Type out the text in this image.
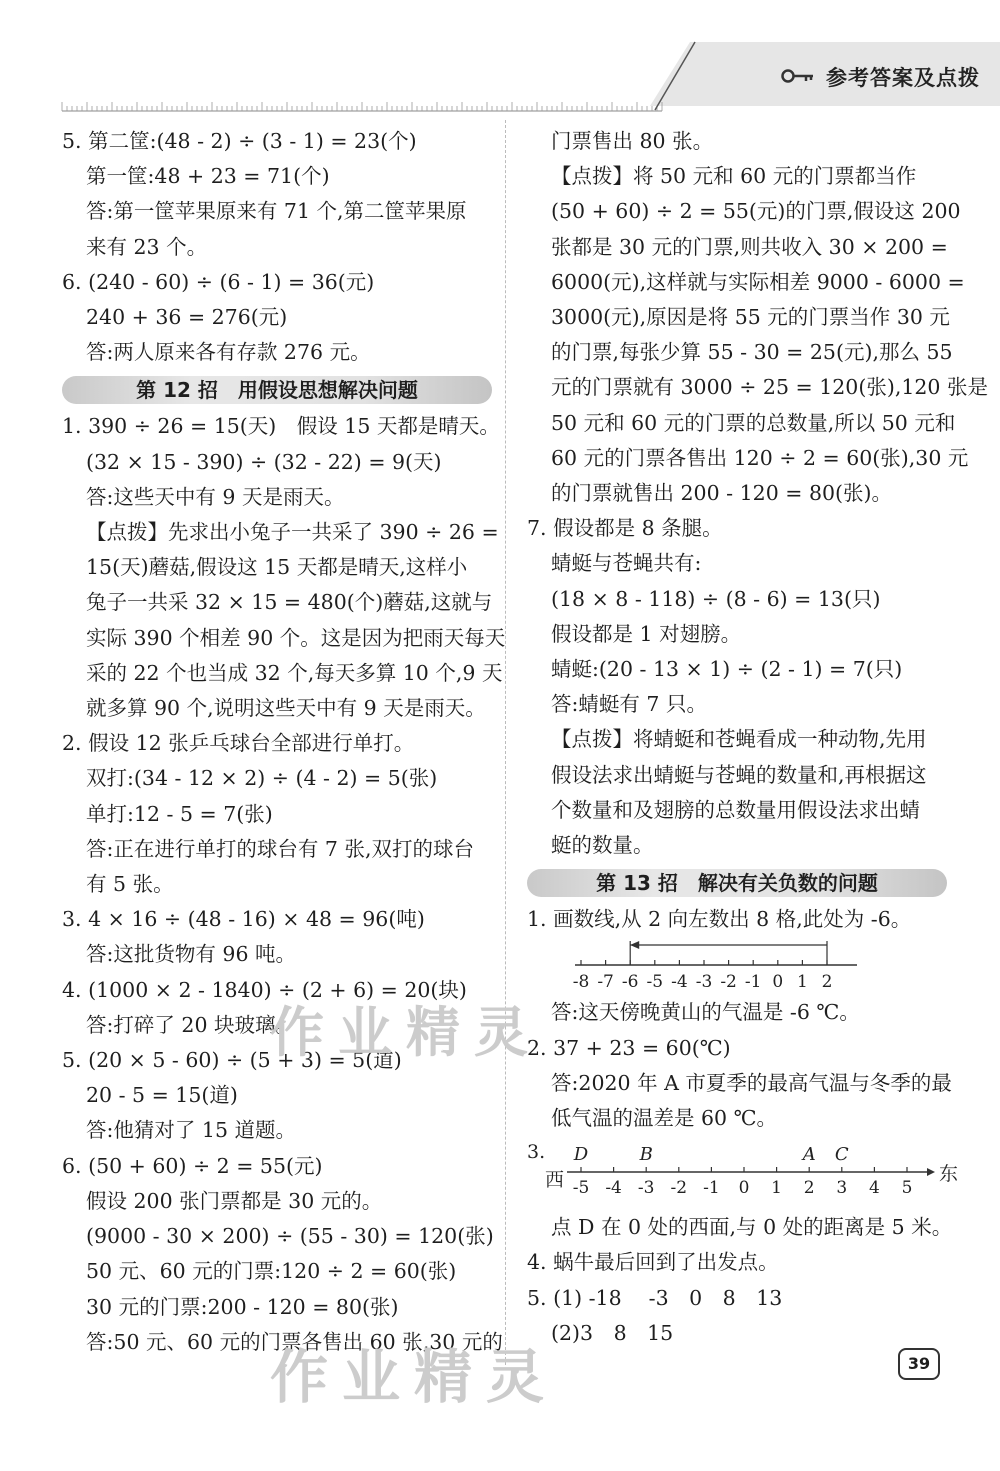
参考答案及点拨
5. 第二筐:(48 - 2) ÷ (3 - 1) = 23(个)
第一筐:48 + 23 = 71(个)
答:第一筐苹果原来有 71 个,第二筐苹果原
来有 23 个。
6. (240 - 60) ÷ (6 - 1) = 36(元)
240 + 36 = 276(元)
答:两人原来各有存款 276 元。
第 12 招　用假设思想解决问题
1. 390 ÷ 26 = 15(天)　假设 15 天都是晴天。
(32 × 15 - 390) ÷ (32 - 22) = 9(天)
答:这些天中有 9 天是雨天。
【点拨】先求出小兔子一共采了 390 ÷ 26 =
15(天)蘑菇,假设这 15 天都是晴天,这样小
兔子一共采 32 × 15 = 480(个)蘑菇,这就与
实际 390 个相差 90 个。这是因为把雨天每天
采的 22 个也当成 32 个,每天多算 10 个,9 天
就多算 90 个,说明这些天中有 9 天是雨天。
2. 假设 12 张乒乓球台全部进行单打。
双打:(34 - 12 × 2) ÷ (4 - 2) = 5(张)
单打:12 - 5 = 7(张)
答:正在进行单打的球台有 7 张,双打的球台
有 5 张。
3. 4 × 16 ÷ (48 - 16) × 48 = 96(吨)
答:这批货物有 96 吨。
4. (1000 × 2 - 1840) ÷ (2 + 6) = 20(块)
答:打碎了 20 块玻璃。
5. (20 × 5 - 60) ÷ (5 + 3) = 5(道)
20 - 5 = 15(道)
答:他猜对了 15 道题。
6. (50 + 60) ÷ 2 = 55(元)
假设 200 张门票都是 30 元的。
(9000 - 30 × 200) ÷ (55 - 30) = 120(张)
50 元、60 元的门票:120 ÷ 2 = 60(张)
30 元的门票:200 - 120 = 80(张)
答:50 元、60 元的门票各售出 60 张,30 元的
门票售出 80 张。
【点拨】将 50 元和 60 元的门票都当作
(50 + 60) ÷ 2 = 55(元)的门票,假设这 200
张都是 30 元的门票,则共收入 30 × 200 =
6000(元),这样就与实际相差 9000 - 6000 =
3000(元),原因是将 55 元的门票当作 30 元
的门票,每张少算 55 - 30 = 25(元),那么 55
元的门票就有 3000 ÷ 25 = 120(张),120 张是
50 元和 60 元的门票的总数量,所以 50 元和
60 元的门票各售出 120 ÷ 2 = 60(张),30 元
的门票就售出 200 - 120 = 80(张)。
7. 假设都是 8 条腿。
蜻蜓与苍蝇共有:
(18 × 8 - 118) ÷ (8 - 6) = 13(只)
假设都是 1 对翅膀。
蜻蜓:(20 - 13 × 1) ÷ (2 - 1) = 7(只)
答:蜻蜓有 7 只。
【点拨】将蜻蜓和苍蝇看成一种动物,先用
假设法求出蜻蜓与苍蝇的数量和,再根据这
个数量和及翅膀的总数量用假设法求出蜻
蜓的数量。
第 13 招　解决有关负数的问题
1. 画数线,从 2 向左数出 8 格,此处为 -6。
-8 -7 -6 -5 -4 -3 -2 -1 0 1 2
答:这天傍晚黄山的气温是 -6 ℃。
2. 37 + 23 = 60(℃)
答:2020 年 A 市夏季的最高气温与冬季的最
低气温的温差是 60 ℃。
3.
西	东
-5 -4 -3 -2 -1 0 1 2 3 4 5
D	B	A C
点 D 在 0 处的西面,与 0 处的距离是 5 米。
4. 蜗牛最后回到了出发点。
5. (1) -18　 -3　0　8　13
(2)3　8　15
39
作业精灵
作业精灵
